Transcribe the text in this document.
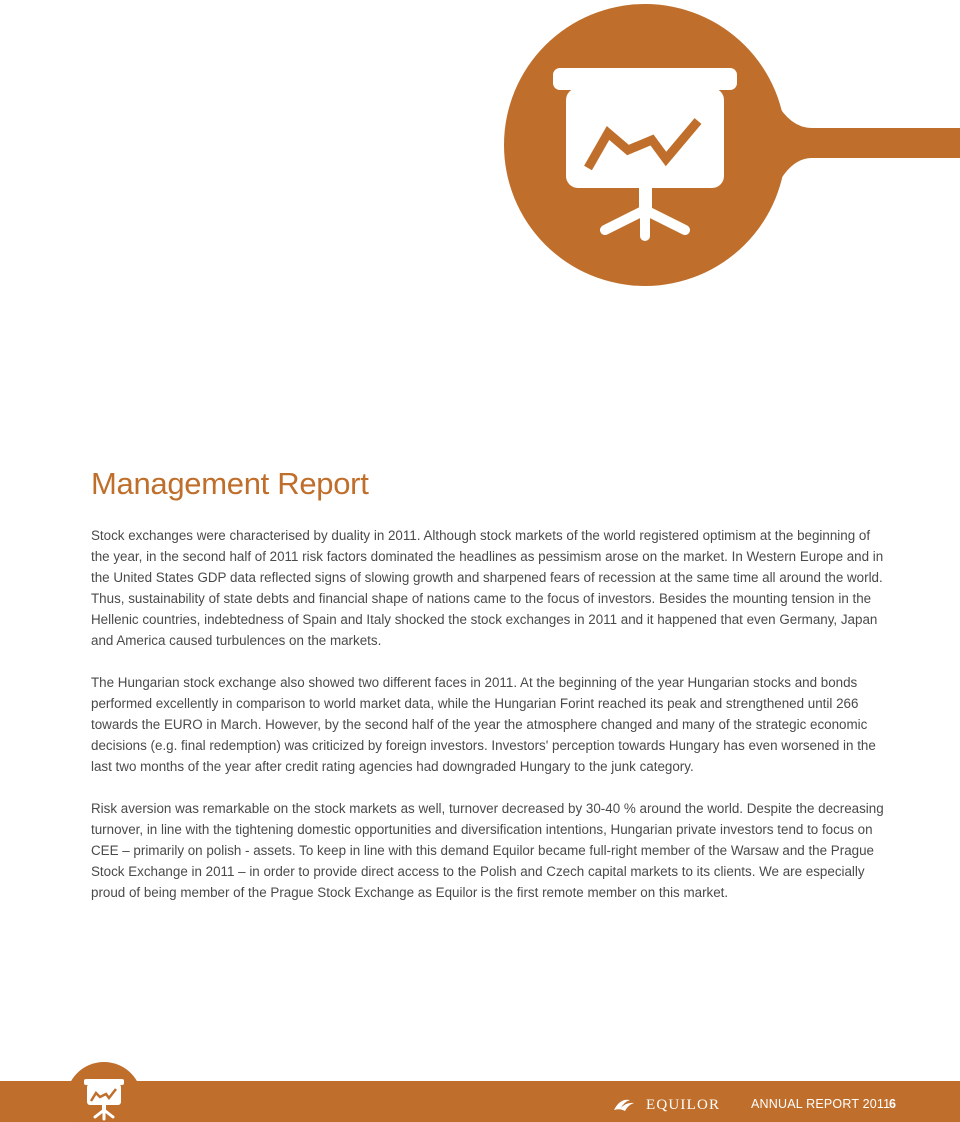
Management Report

Stock exchanges were characterised by duality in 2011. Although stock markets of the world registered optimism at the beginning of the year, in the second half of 2011 risk factors dominated the headlines as pessimism arose on the market. In Western Europe and in the United States GDP data reflected signs of slowing growth and sharpened fears of recession at the same time all around the world. Thus, sustainability of state debts and financial shape of nations came to the focus of investors. Besides the mounting tension in the Hellenic countries, indebtedness of Spain and Italy shocked the stock exchanges in 2011 and it happened that even Germany, Japan and America caused turbulences on the markets.

The Hungarian stock exchange also showed two different faces in 2011. At the beginning of the year Hungarian stocks and bonds performed excellently in comparison to world market data, while the Hungarian Forint reached its peak and strengthened until 266 towards the EURO in March. However, by the second half of the year the atmosphere changed and many of the strategic economic decisions (e.g. final redemption) was criticized by foreign investors. Investors' perception towards Hungary has even worsened in the last two months of the year after credit rating agencies had downgraded Hungary to the junk category.

Risk aversion was remarkable on the stock markets as well, turnover decreased by 30-40 % around the world. Despite the decreasing turnover, in line with the tightening domestic opportunities and diversification intentions, Hungarian private investors tend to focus on CEE – primarily on polish - assets. To keep in line with this demand Equilor became full-right member of the Warsaw and the Prague Stock Exchange in 2011 – in order to provide direct access to the Polish and Czech capital markets to its clients. We are especially proud of being member of the Prague Stock Exchange as Equilor is the first remote member on this market.

EQUILOR ANNUAL REPORT 2011
6
